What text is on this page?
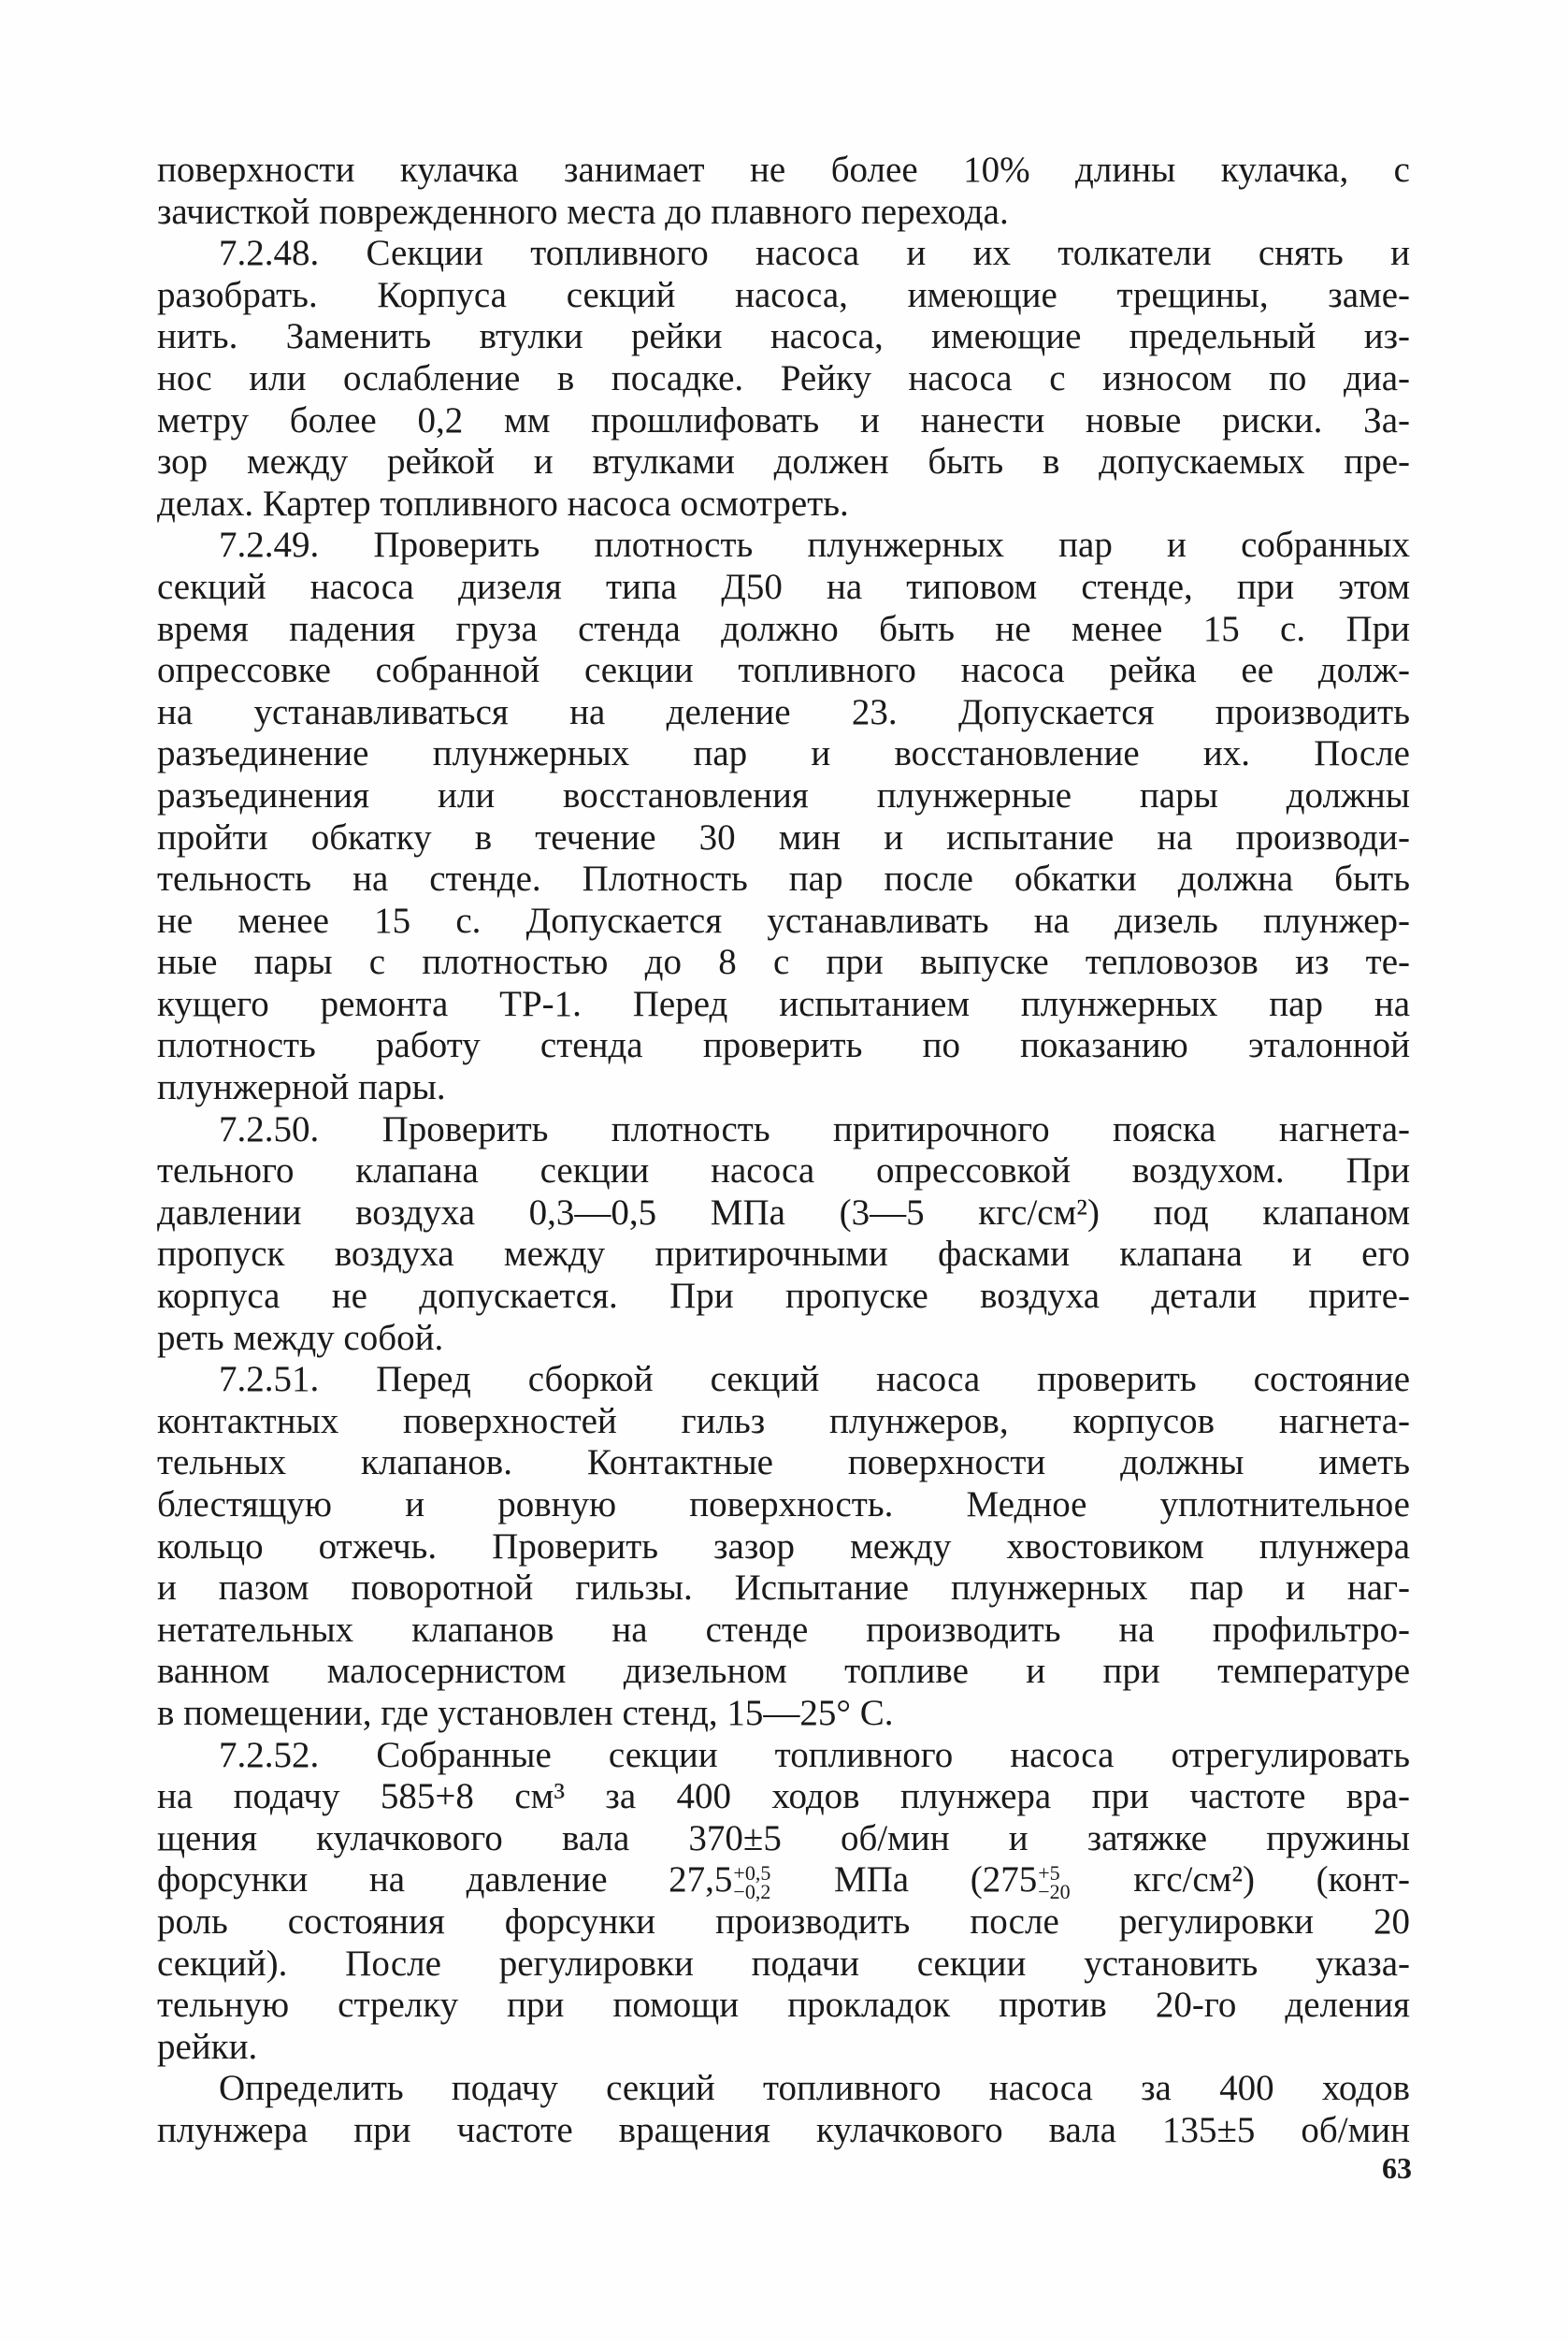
поверхности кулачка занимает не более 10% длины кулачка, с
зачисткой поврежденного места до плавного перехода.
7.2.48. Секции топливного насоса и их толкатели снять и
разобрать. Корпуса секций насоса, имеющие трещины, заме-
нить. Заменить втулки рейки насоса, имеющие предельный из-
нос или ослабление в посадке. Рейку насоса с износом по диа-
метру более 0,2 мм прошлифовать и нанести новые риски. За-
зор между рейкой и втулками должен быть в допускаемых пре-
делах. Картер топливного насоса осмотреть.
7.2.49. Проверить плотность плунжерных пар и собранных
секций насоса дизеля типа Д50 на типовом стенде, при этом
время падения груза стенда должно быть не менее 15 с. При
опрессовке собранной секции топливного насоса рейка ее долж-
на устанавливаться на деление 23. Допускается производить
разъединение плунжерных пар и восстановление их. После
разъединения или восстановления плунжерные пары должны
пройти обкатку в течение 30 мин и испытание на производи-
тельность на стенде. Плотность пар после обкатки должна быть
не менее 15 с. Допускается устанавливать на дизель плунжер-
ные пары с плотностью до 8 с при выпуске тепловозов из те-
кущего ремонта ТР-1. Перед испытанием плунжерных пар на
плотность работу стенда проверить по показанию эталонной
плунжерной пары.
7.2.50. Проверить плотность притирочного пояска нагнета-
тельного клапана секции насоса опрессовкой воздухом. При
давлении воздуха 0,3—0,5 МПа (3—5 кгс/см²) под клапаном
пропуск воздуха между притирочными фасками клапана и его
корпуса не допускается. При пропуске воздуха детали прите-
реть между собой.
7.2.51. Перед сборкой секций насоса проверить состояние
контактных поверхностей гильз плунжеров, корпусов нагнета-
тельных клапанов. Контактные поверхности должны иметь
блестящую и ровную поверхность. Медное уплотнительное
кольцо отжечь. Проверить зазор между хвостовиком плунжера
и пазом поворотной гильзы. Испытание плунжерных пар и наг-
нетательных клапанов на стенде производить на профильтро-
ванном малосернистом дизельном топливе и при температуре
в помещении, где установлен стенд, 15—25° С.
7.2.52. Собранные секции топливного насоса отрегулировать
на подачу 585+8 см³ за 400 ходов плунжера при частоте вра-
щения кулачкового вала 370±5 об/мин и затяжке пружины
форсунки на давление 27,5 +0,5
−0,2 МПа (275 +5
−20 кгс/см²) (конт-
роль состояния форсунки производить после регулировки 20
секций). После регулировки подачи секции установить указа-
тельную стрелку при помощи прокладок против 20-го деления
рейки.
Определить подачу секций топливного насоса за 400 ходов
плунжера при частоте вращения кулачкового вала 135±5 об/мин
63
